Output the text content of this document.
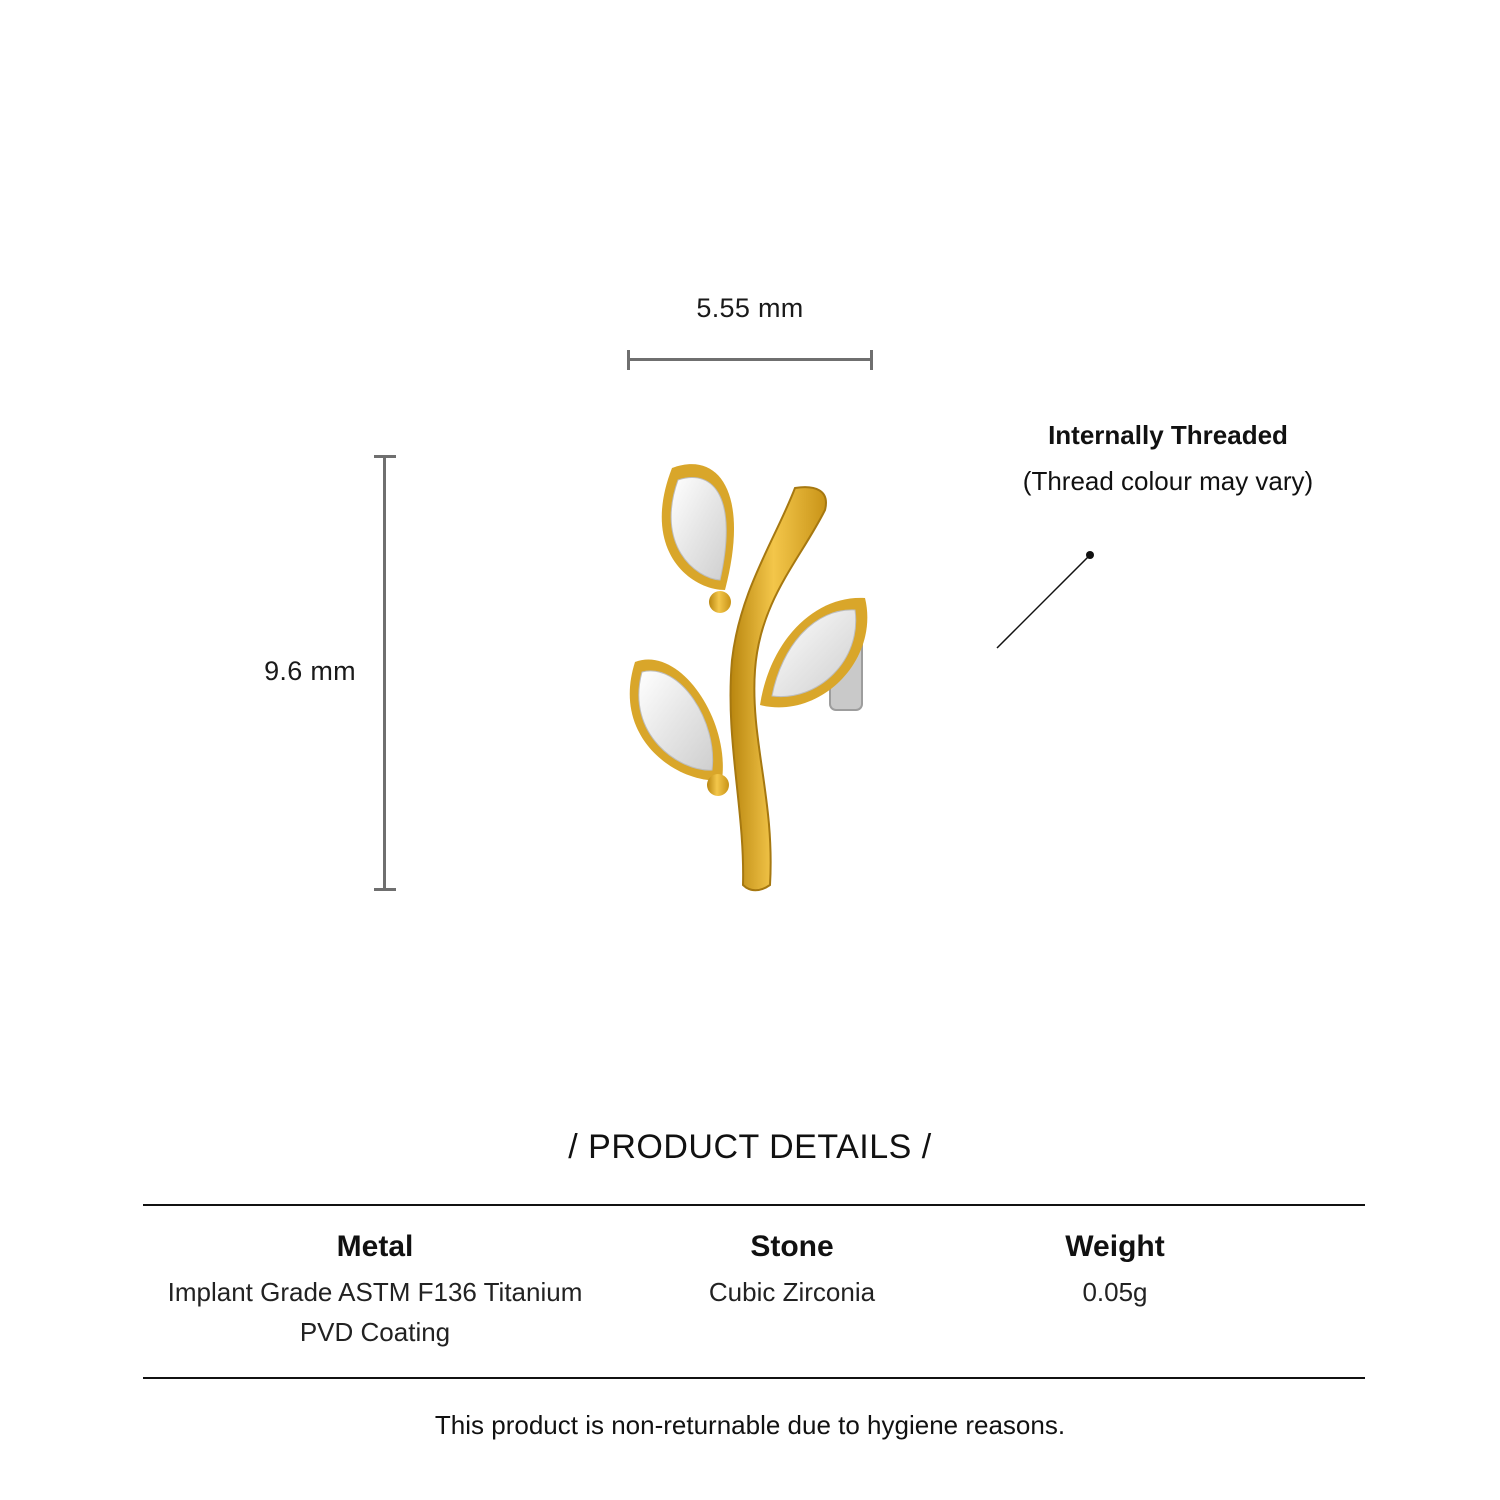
5.55 mm
9.6 mm
Internally Threaded
(Thread colour may vary)
/ PRODUCT DETAILS /
Metal
Implant Grade ASTM F136 Titanium
PVD Coating
Stone
Cubic Zirconia
Weight
0.05g
This product is non-returnable due to hygiene reasons.
